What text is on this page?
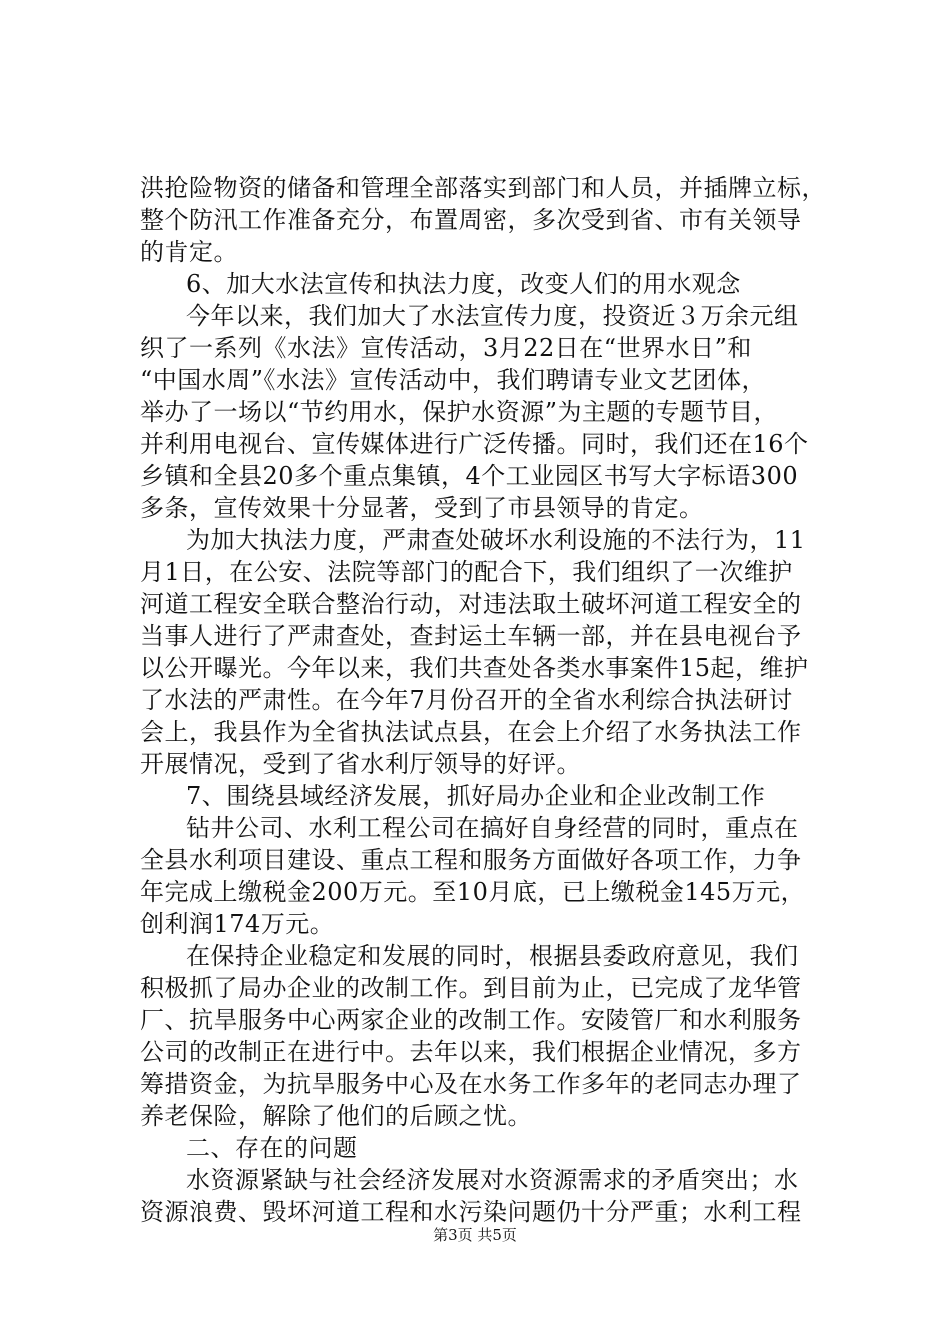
洪抢险物资的储备和管理全部落实到部门和人员，并插牌立标，
整个防汛工作准备充分，布置周密，多次受到省、市有关领导
的肯定。
6、加大水法宣传和执法力度，改变人们的用水观念
今年以来，我们加大了水法宣传力度，投资近３万余元组
织了一系列《水法》宣传活动，3月22日在“世界水日”和
“中国水周”《水法》宣传活动中，我们聘请专业文艺团体，
举办了一场以“节约用水，保护水资源”为主题的专题节目，
并利用电视台、宣传媒体进行广泛传播。同时，我们还在16个
乡镇和全县20多个重点集镇，4个工业园区书写大字标语300
多条，宣传效果十分显著，受到了市县领导的肯定。
为加大执法力度，严肃查处破坏水利设施的不法行为，11
月1日，在公安、法院等部门的配合下，我们组织了一次维护
河道工程安全联合整治行动，对违法取土破坏河道工程安全的
当事人进行了严肃查处，查封运土车辆一部，并在县电视台予
以公开曝光。今年以来，我们共查处各类水事案件15起，维护
了水法的严肃性。在今年7月份召开的全省水利综合执法研讨
会上，我县作为全省执法试点县，在会上介绍了水务执法工作
开展情况，受到了省水利厅领导的好评。
7、围绕县域经济发展，抓好局办企业和企业改制工作
钻井公司、水利工程公司在搞好自身经营的同时，重点在
全县水利项目建设、重点工程和服务方面做好各项工作，力争
年完成上缴税金200万元。至10月底，已上缴税金145万元，
创利润174万元。
在保持企业稳定和发展的同时，根据县委政府意见，我们
积极抓了局办企业的改制工作。到目前为止，已完成了龙华管
厂、抗旱服务中心两家企业的改制工作。安陵管厂和水利服务
公司的改制正在进行中。去年以来，我们根据企业情况，多方
筹措资金，为抗旱服务中心及在水务工作多年的老同志办理了
养老保险，解除了他们的后顾之忧。
二、存在的问题
水资源紧缺与社会经济发展对水资源需求的矛盾突出；水
资源浪费、毁坏河道工程和水污染问题仍十分严重；水利工程
第3页 共5页
